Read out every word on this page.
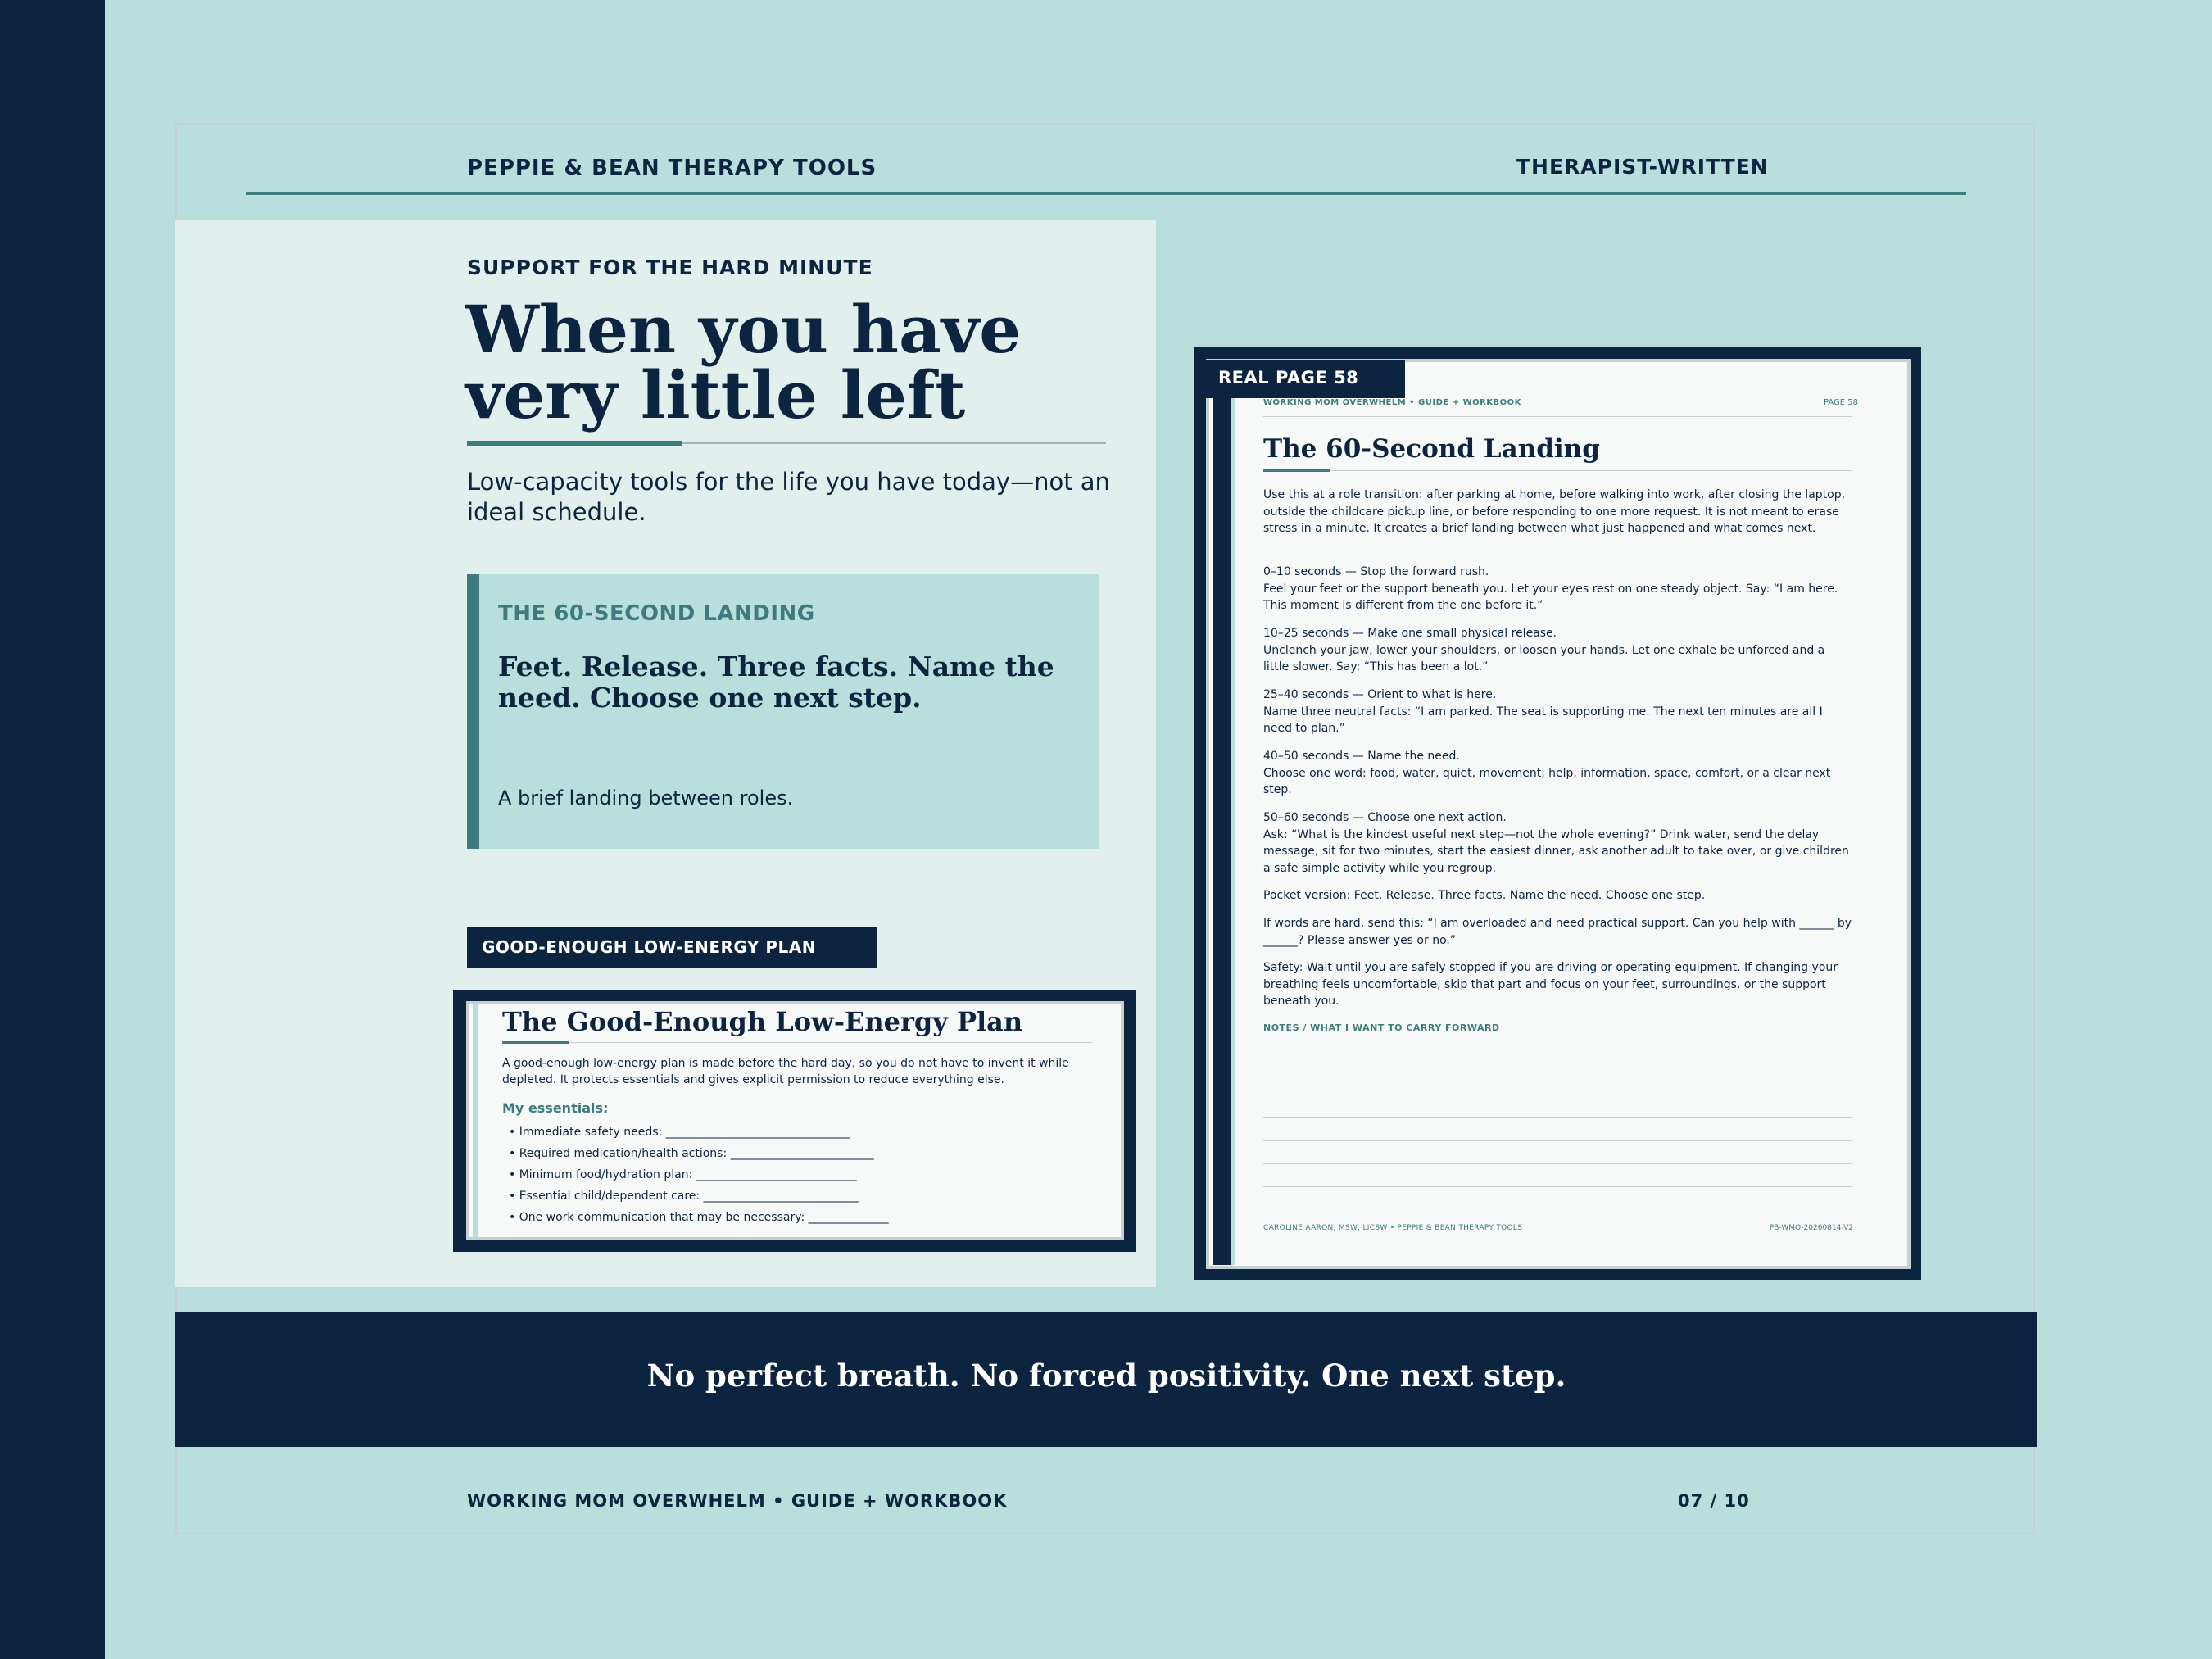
PEPPIE & BEAN THERAPY TOOLS	THERAPIST-WRITTEN
SUPPORT FOR THE HARD MINUTE
When you have
very little left
Low-capacity tools for the life you have today—not an ideal schedule.
THE 60-SECOND LANDING
Feet. Release. Three facts. Name the need. Choose one next step.
A brief landing between roles.
GOOD-ENOUGH LOW-ENERGY PLAN
The Good-Enough Low-Energy Plan
A good-enough low-energy plan is made before the hard day, so you do not have to invent it while depleted. It protects essentials and gives explicit permission to reduce everything else.
My essentials:
• Immediate safety needs: ________________________________
• Required medication/health actions: _________________________
• Minimum food/hydration plan: ____________________________
• Essential child/dependent care: ___________________________
• One work communication that may be necessary: ______________
WORKING MOM OVERWHELM • GUIDE + WORKBOOK	PAGE 58
The 60-Second Landing
Use this at a role transition: after parking at home, before walking into work, after closing the laptop, outside the childcare pickup line, or before responding to one more request. It is not meant to erase stress in a minute. It creates a brief landing between what just happened and what comes next.
0–10 seconds — Stop the forward rush.
Feel your feet or the support beneath you. Let your eyes rest on one steady object. Say: “I am here. This moment is different from the one before it.”
10–25 seconds — Make one small physical release.
Unclench your jaw, lower your shoulders, or loosen your hands. Let one exhale be unforced and a little slower. Say: “This has been a lot.”
25–40 seconds — Orient to what is here.
Name three neutral facts: “I am parked. The seat is supporting me. The next ten minutes are all I need to plan.”
40–50 seconds — Name the need.
Choose one word: food, water, quiet, movement, help, information, space, comfort, or a clear next step.
50–60 seconds — Choose one next action.
Ask: “What is the kindest useful next step—not the whole evening?” Drink water, send the delay message, sit for two minutes, start the easiest dinner, ask another adult to take over, or give children a safe simple activity while you regroup.
Pocket version: Feet. Release. Three facts. Name the need. Choose one step.
If words are hard, send this: “I am overloaded and need practical support. Can you help with ______ by ______? Please answer yes or no.”
Safety: Wait until you are safely stopped if you are driving or operating equipment. If changing your breathing feels uncomfortable, skip that part and focus on your feet, surroundings, or the support beneath you.
NOTES / WHAT I WANT TO CARRY FORWARD
CAROLINE AARON, MSW, LICSW • PEPPIE & BEAN THERAPY TOOLS	PB-WMO-20260814-V2
REAL PAGE 58
No perfect breath. No forced positivity. One next step.
WORKING MOM OVERWHELM • GUIDE + WORKBOOK	07 / 10
